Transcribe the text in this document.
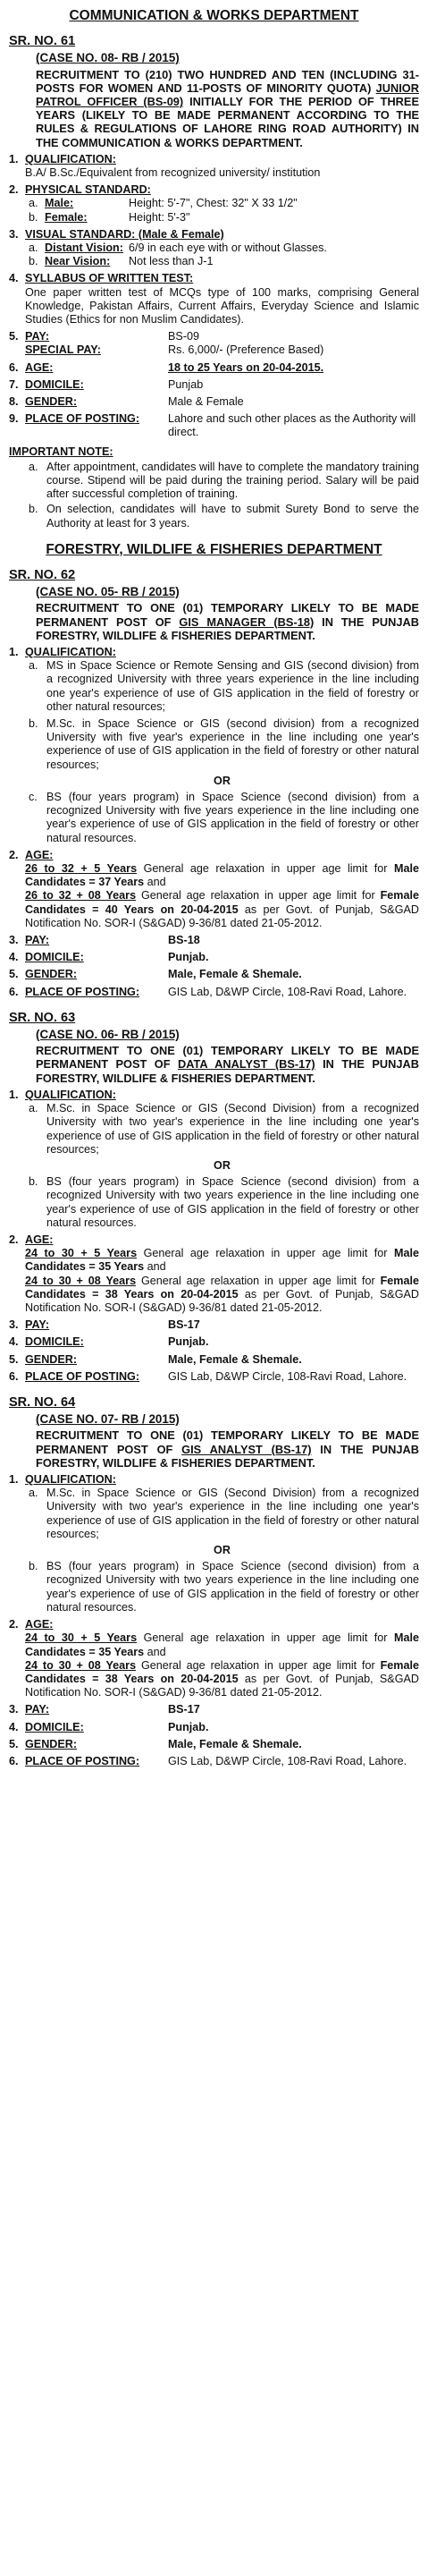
COMMUNICATION & WORKS DEPARTMENT
SR. NO. 61
(CASE NO. 08- RB / 2015)
RECRUITMENT TO (210) TWO HUNDRED AND TEN (INCLUDING 31-POSTS FOR WOMEN AND 11-POSTS OF MINORITY QUOTA) JUNIOR PATROL OFFICER (BS-09) INITIALLY FOR THE PERIOD OF THREE YEARS (LIKELY TO BE MADE PERMANENT ACCORDING TO THE RULES & REGULATIONS OF LAHORE RING ROAD AUTHORITY) IN THE COMMUNICATION & WORKS DEPARTMENT.
1. QUALIFICATION:
B.A/ B.Sc./Equivalent from recognized university/ institution
2. PHYSICAL STANDARD:
a. Male:	Height: 5'-7", Chest: 32" X 33 1/2"
b. Female:	Height: 5'-3"
3. VISUAL STANDARD: (Male & Female)
a. Distant Vision: 6/9 in each eye with or without Glasses.
b. Near Vision:	Not less than J-1
4. SYLLABUS OF WRITTEN TEST:
One paper written test of MCQs type of 100 marks, comprising General Knowledge, Pakistan Affairs, Current Affairs, Everyday Science and Islamic Studies (Ethics for non Muslim Candidates).
5. PAY:	BS-09
SPECIAL PAY:	Rs. 6,000/- (Preference Based)
6. AGE:	18 to 25 Years on 20-04-2015.
7. DOMICILE:	Punjab
8. GENDER:	Male & Female
9. PLACE OF POSTING:	Lahore and such other places as the Authority will direct.
IMPORTANT NOTE:
a. After appointment, candidates will have to complete the mandatory training course. Stipend will be paid during the training period. Salary will be paid after successful completion of training.
b. On selection, candidates will have to submit Surety Bond to serve the Authority at least for 3 years.
FORESTRY, WILDLIFE & FISHERIES DEPARTMENT
SR. NO. 62
(CASE NO. 05- RB / 2015)
RECRUITMENT TO ONE (01) TEMPORARY LIKELY TO BE MADE PERMANENT POST OF GIS MANAGER (BS-18) IN THE PUNJAB FORESTRY, WILDLIFE & FISHERIES DEPARTMENT.
1. QUALIFICATION:
a. MS in Space Science or Remote Sensing and GIS (second division) from a recognized University with three years experience in the line including one year's experience of use of GIS application in the field of forestry or other natural resources;
b. M.Sc. in Space Science or GIS (second division) from a recognized University with five year's experience in the line including one year's experience of use of GIS application in the field of forestry or other natural resources;
OR
c. BS (four years program) in Space Science (second division) from a recognized University with five years experience in the line including one year's experience of use of GIS application in the field of forestry or other natural resources.
2. AGE:
26 to 32 + 5 Years General age relaxation in upper age limit for Male Candidates = 37 Years and
26 to 32 + 08 Years General age relaxation in upper age limit for Female Candidates = 40 Years on 20-04-2015 as per Govt. of Punjab, S&GAD Notification No. SOR-I (S&GAD) 9-36/81 dated 21-05-2012.
3. PAY:	BS-18
4. DOMICILE:	Punjab.
5. GENDER:	Male, Female & Shemale.
6. PLACE OF POSTING:	GIS Lab, D&WP Circle, 108-Ravi Road, Lahore.
SR. NO. 63
(CASE NO. 06- RB / 2015)
RECRUITMENT TO ONE (01) TEMPORARY LIKELY TO BE MADE PERMANENT POST OF DATA ANALYST (BS-17) IN THE PUNJAB FORESTRY, WILDLIFE & FISHERIES DEPARTMENT.
1. QUALIFICATION:
a. M.Sc. in Space Science or GIS (Second Division) from a recognized University with two year's experience in the line including one year's experience of use of GIS application in the field of forestry or other natural resources;
OR
b. BS (four years program) in Space Science (second division) from a recognized University with two years experience in the line including one year's experience of use of GIS application in the field of forestry or other natural resources.
2. AGE:
24 to 30 + 5 Years General age relaxation in upper age limit for Male Candidates = 35 Years and
24 to 30 + 08 Years General age relaxation in upper age limit for Female Candidates = 38 Years on 20-04-2015 as per Govt. of Punjab, S&GAD Notification No. SOR-I (S&GAD) 9-36/81 dated 21-05-2012.
3. PAY:	BS-17
4. DOMICILE:	Punjab.
5. GENDER:	Male, Female & Shemale.
6. PLACE OF POSTING:	GIS Lab, D&WP Circle, 108-Ravi Road, Lahore.
SR. NO. 64
(CASE NO. 07- RB / 2015)
RECRUITMENT TO ONE (01) TEMPORARY LIKELY TO BE MADE PERMANENT POST OF GIS ANALYST (BS-17) IN THE PUNJAB FORESTRY, WILDLIFE & FISHERIES DEPARTMENT.
1. QUALIFICATION:
a. M.Sc. in Space Science or GIS (Second Division) from a recognized University with two year's experience in the line including one year's experience of use of GIS application in the field of forestry or other natural resources;
OR
b. BS (four years program) in Space Science (second division) from a recognized University with two years experience in the line including one year's experience of use of GIS application in the field of forestry or other natural resources.
2. AGE:
24 to 30 + 5 Years General age relaxation in upper age limit for Male Candidates = 35 Years and
24 to 30 + 08 Years General age relaxation in upper age limit for Female Candidates = 38 Years on 20-04-2015 as per Govt. of Punjab, S&GAD Notification No. SOR-I (S&GAD) 9-36/81 dated 21-05-2012.
3. PAY:	BS-17
4. DOMICILE:	Punjab.
5. GENDER:	Male, Female & Shemale.
6. PLACE OF POSTING:	GIS Lab, D&WP Circle, 108-Ravi Road, Lahore.
